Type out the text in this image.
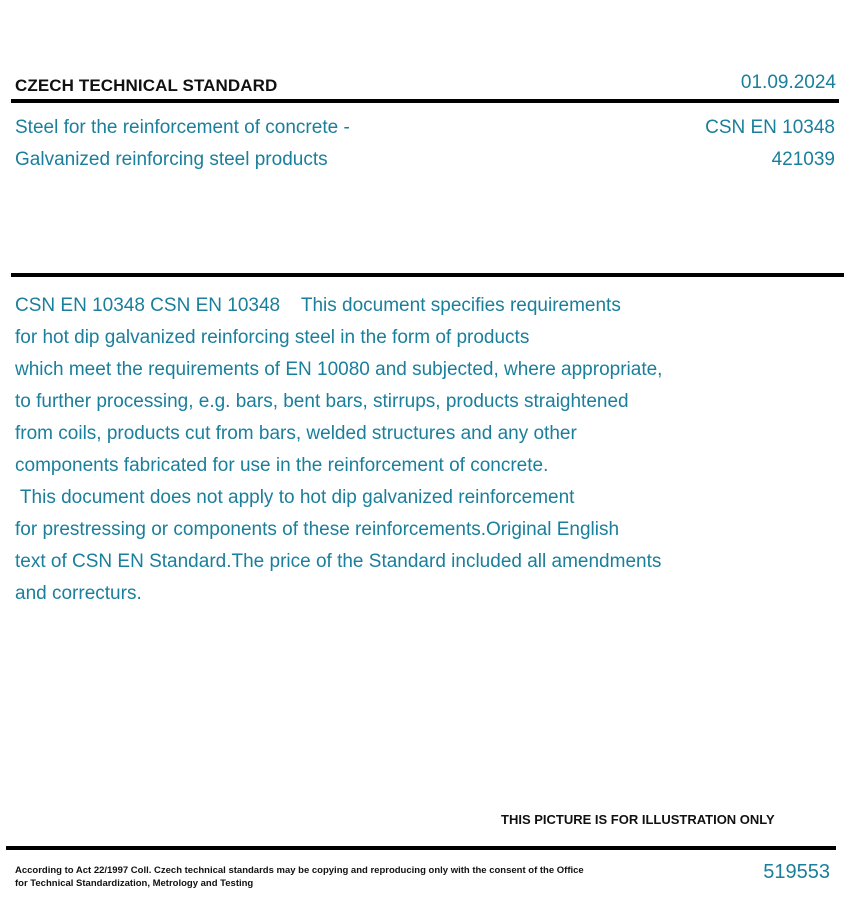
CZECH TECHNICAL STANDARD	01.09.2024
Steel for the reinforcement of concrete -
Galvanized reinforcing steel products
CSN EN 10348
421039
CSN EN 10348 CSN EN 10348    This document specifies requirements
for hot dip galvanized reinforcing steel in the form of products
which meet the requirements of EN 10080 and subjected, where appropriate,
to further processing, e.g. bars, bent bars, stirrups, products straightened
from coils, products cut from bars, welded structures and any other
components fabricated for use in the reinforcement of concrete.
This document does not apply to hot dip galvanized reinforcement
for prestressing or components of these reinforcements.Original English
text of CSN EN Standard.The price of the Standard included all amendments
and correcturs.
THIS PICTURE IS FOR ILLUSTRATION ONLY
According to Act 22/1997 Coll. Czech technical standards may be copying and reproducing only with the consent of the Office
for Technical Standardization, Metrology and Testing
519553
